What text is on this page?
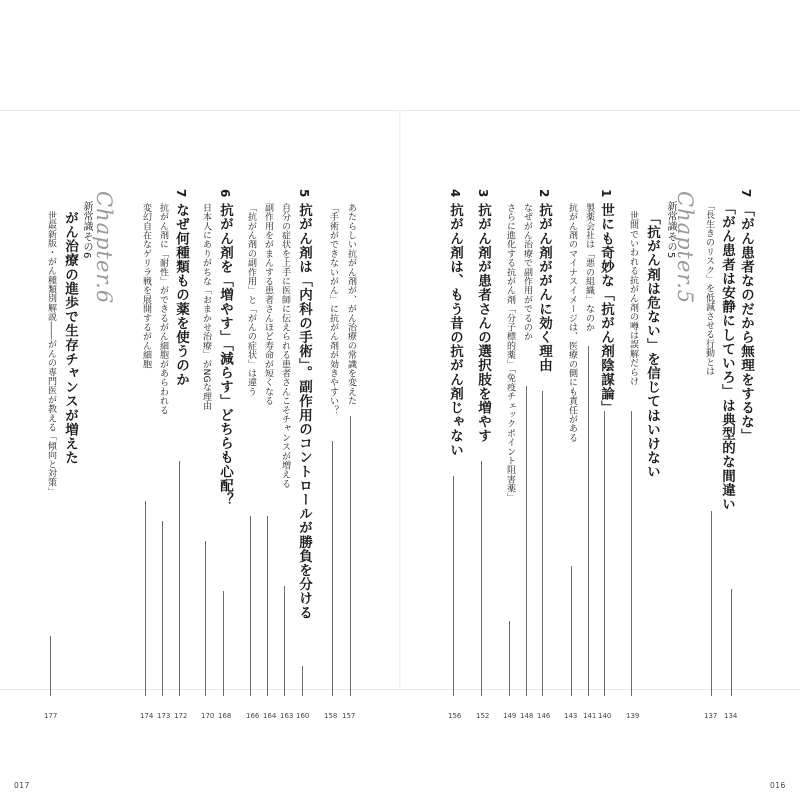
7 「がん患者なのだから無理をするな」
「がん患者は安静にしていろ」は典型的な間違い
「長生きのリスク」を低減させる行動とは
137 134
Chapter.5
新常識その5
「抗がん剤は危ない」を信じてはいけない
世間でいわれる抗がん剤の噂は誤解だらけ
139
1 世にも奇妙な「抗がん剤陰謀論」
140
製薬会社は「悪の組織」なのか
抗がん剤のマイナスイメージは、医療の側にも責任がある
141
143
2 抗がん剤ががんに効く理由
146
なぜがん治療で副作用がでるのか
さらに進化する抗がん剤「分子標的薬」「免疫チェックポイント阻害薬」
148
149
3 抗がん剤が患者さんの選択肢を増やす
152
4 抗がん剤は、もう昔の抗がん剤じゃない
156
あたらしい抗がん剤が、がん治療の常識を変えた
「手術ができないがん」に抗がん剤が効きやすい？
157
158
5 抗がん剤は「内科の手術」。副作用のコントロールが勝負を分ける
自分の症状を上手に医師に伝えられる患者さんこそチャンスが増える
副作用をがまんする患者さんほど寿命が短くなる
「抗がん剤の副作用」と「がんの症状」は違う
160
163
164
166
6 抗がん剤を「増やす」「減らす」どちらも心配？
日本人にありがちな「おまかせ治療」がNGな理由
168
170
7 なぜ何種類もの薬を使うのか
抗がん剤に「耐性」ができるがん細胞があらわれる
変幻自在なゲリラ戦を展開するがん細胞
172
173
174
Chapter.6
新常識その6
がん治療の進歩で生存チャンスが増えた
世最新版・がん種類別解説――がんの専門医が教える「傾向と対策」
177
017	016
